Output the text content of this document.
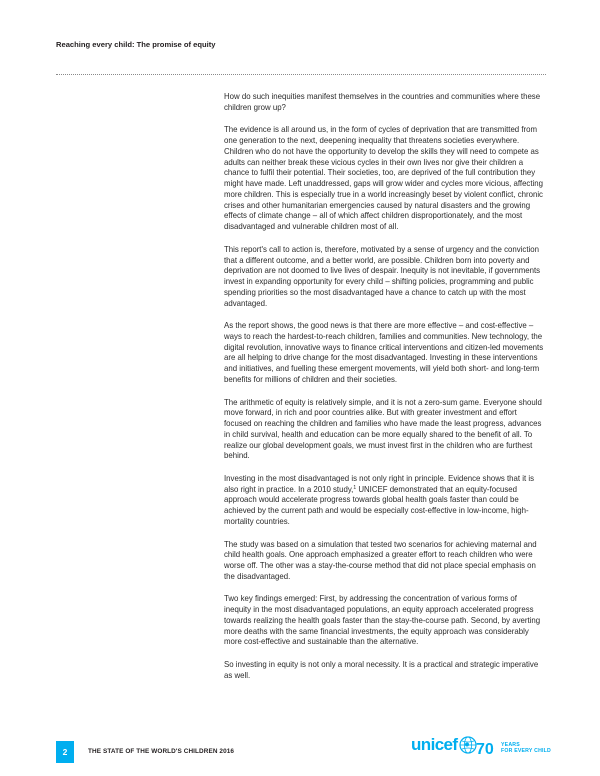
Reaching every child: The promise of equity

How do such inequities manifest themselves in the countries and communities where these children grow up?

The evidence is all around us, in the form of cycles of deprivation that are transmitted from one generation to the next, deepening inequality that threatens societies everywhere. Children who do not have the opportunity to develop the skills they will need to compete as adults can neither break these vicious cycles in their own lives nor give their children a chance to fulfil their potential. Their societies, too, are deprived of the full contribution they might have made. Left unaddressed, gaps will grow wider and cycles more vicious, affecting more children. This is especially true in a world increasingly beset by violent conflict, chronic crises and other humanitarian emergencies caused by natural disasters and the growing effects of climate change – all of which affect children disproportionately, and the most disadvantaged and vulnerable children most of all.

This report's call to action is, therefore, motivated by a sense of urgency and the conviction that a different outcome, and a better world, are possible. Children born into poverty and deprivation are not doomed to live lives of despair. Inequity is not inevitable, if governments invest in expanding opportunity for every child – shifting policies, programming and public spending priorities so the most disadvantaged have a chance to catch up with the most advantaged.

As the report shows, the good news is that there are more effective – and cost-effective – ways to reach the hardest-to-reach children, families and communities. New technology, the digital revolution, innovative ways to finance critical interventions and citizen-led movements are all helping to drive change for the most disadvantaged. Investing in these interventions and initiatives, and fuelling these emergent movements, will yield both short- and long-term benefits for millions of children and their societies.

The arithmetic of equity is relatively simple, and it is not a zero-sum game. Everyone should move forward, in rich and poor countries alike. But with greater investment and effort focused on reaching the children and families who have made the least progress, advances in child survival, health and education can be more equally shared to the benefit of all. To realize our global development goals, we must invest first in the children who are furthest behind.

Investing in the most disadvantaged is not only right in principle. Evidence shows that it is also right in practice. In a 2010 study,$^1$ UNICEF demonstrated that an equity-focused approach would accelerate progress towards global health goals faster than could be achieved by the current path and would be especially cost-effective in low-income, high-mortality countries.

The study was based on a simulation that tested two scenarios for achieving maternal and child health goals. One approach emphasized a greater effort to reach children who were worse off. The other was a stay-the-course method that did not place special emphasis on the disadvantaged.

Two key findings emerged: First, by addressing the concentration of various forms of inequity in the most disadvantaged populations, an equity approach accelerated progress towards realizing the health goals faster than the stay-the-course path. Second, by averting more deaths with the same financial investments, the equity approach was considerably more cost-effective and sustainable than the alternative.

So investing in equity is not only a moral necessity. It is a practical and strategic imperative as well.

2	THE STATE OF THE WORLD'S CHILDREN 2016	unicef 70 YEARS
FOR EVERY CHILD
